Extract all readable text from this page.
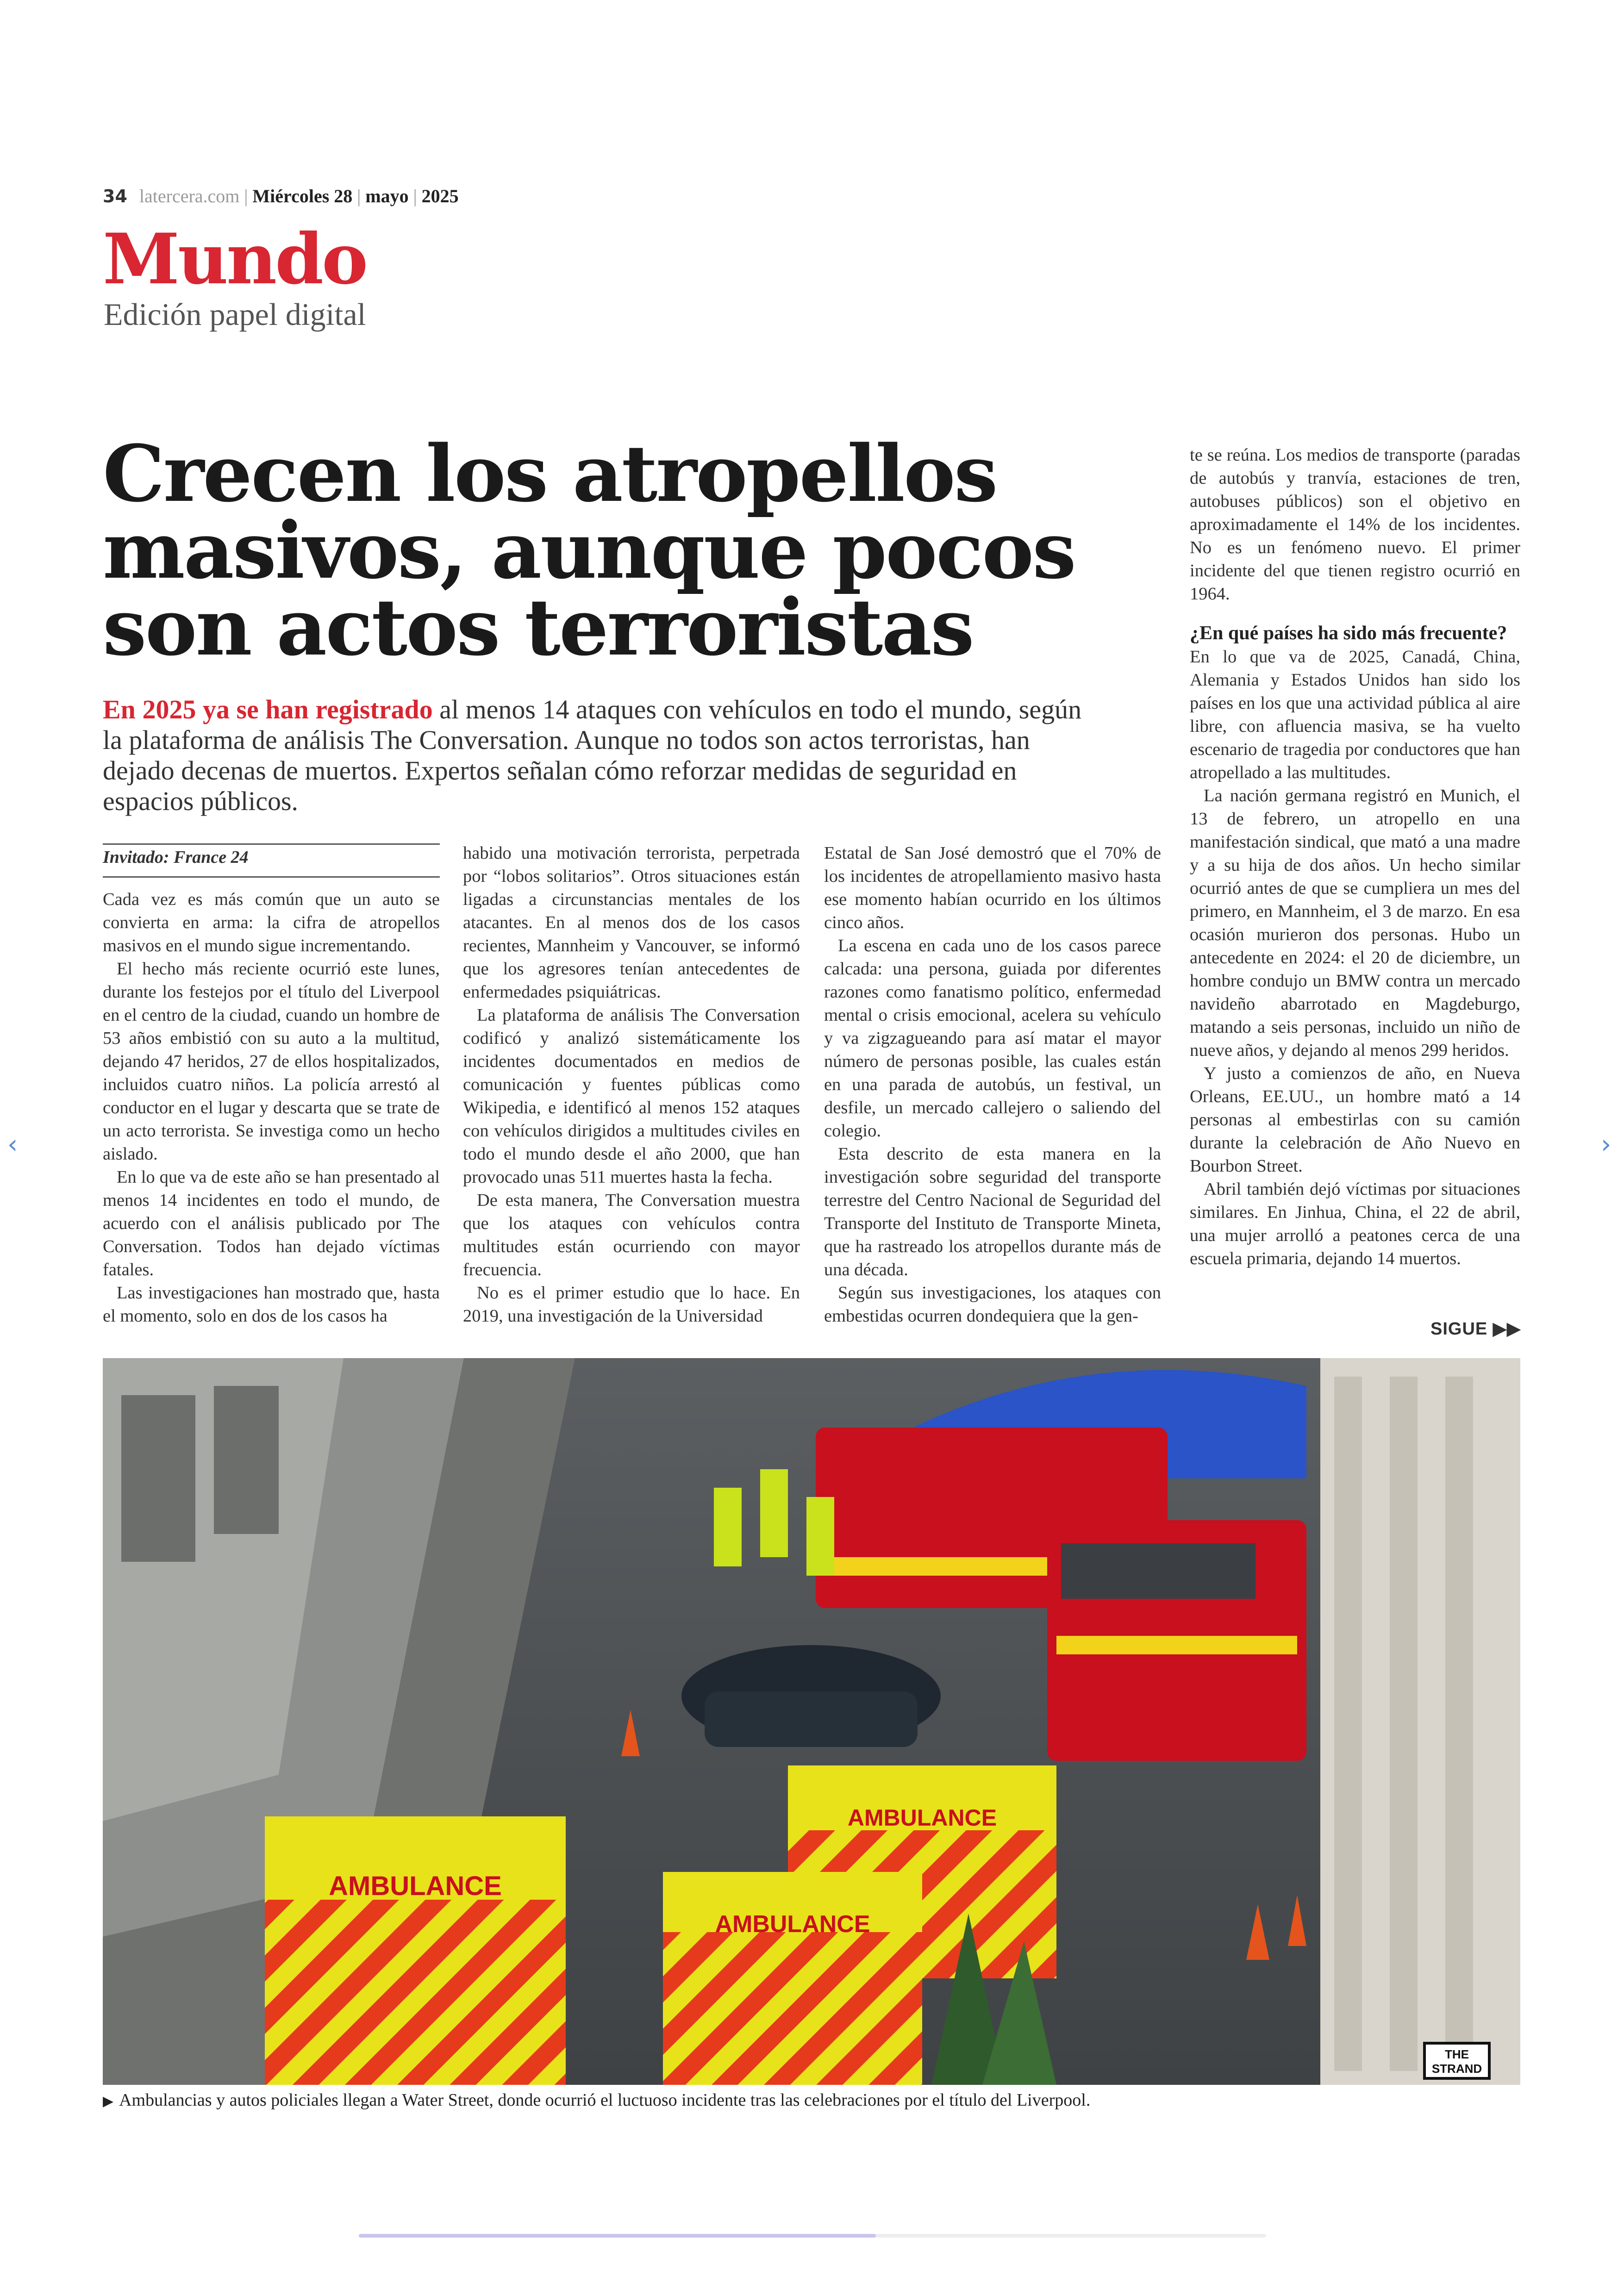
34 latercera.com | Miércoles 28 | mayo | 2025
Mundo
Edición papel digital
Crecen los atropellos
masivos, aunque pocos
son actos terroristas
En 2025 ya se han registrado al menos 14 ataques con vehículos en todo el mundo, según la plataforma de análisis The Conversation. Aunque no todos son actos terroristas, han dejado decenas de muertos. Expertos señalan cómo reforzar medidas de seguridad en espacios públicos.
Invitado: France 24

Cada vez es más común que un auto se convierta en arma: la cifra de atropellos masivos en el mundo sigue incrementando.

El hecho más reciente ocurrió este lunes, durante los festejos por el título del Liverpool en el centro de la ciudad, cuando un hombre de 53 años embistió con su auto a la multitud, dejando 47 heridos, 27 de ellos hospitalizados, incluidos cuatro niños. La policía arrestó al conductor en el lugar y descarta que se trate de un acto terrorista. Se investiga como un hecho aislado.

En lo que va de este año se han presentado al menos 14 incidentes en todo el mundo, de acuerdo con el análisis publicado por The Conversation. Todos han dejado víctimas fatales.

Las investigaciones han mostrado que, hasta el momento, solo en dos de los casos ha

habido una motivación terrorista, perpetrada por “lobos solitarios”. Otros situaciones están ligadas a circunstancias mentales de los atacantes. En al menos dos de los casos recientes, Mannheim y Vancouver, se informó que los agresores tenían antecedentes de enfermedades psiquiátricas.

La plataforma de análisis The Conversation codificó y analizó sistemáticamente los incidentes documentados en medios de comunicación y fuentes públicas como Wikipedia, e identificó al menos 152 ataques con vehículos dirigidos a multitudes civiles en todo el mundo desde el año 2000, que han provocado unas 511 muertes hasta la fecha.

De esta manera, The Conversation muestra que los ataques con vehículos contra multitudes están ocurriendo con mayor frecuencia.

No es el primer estudio que lo hace. En 2019, una investigación de la Universidad

Estatal de San José demostró que el 70% de los incidentes de atropellamiento masivo hasta ese momento habían ocurrido en los últimos cinco años.

La escena en cada uno de los casos parece calcada: una persona, guiada por diferentes razones como fanatismo político, enfermedad mental o crisis emocional, acelera su vehículo y va zigzagueando para así matar el mayor número de personas posible, las cuales están en una parada de autobús, un festival, un desfile, un mercado callejero o saliendo del colegio.

Esta descrito de esta manera en la investigación sobre seguridad del transporte terrestre del Centro Nacional de Seguridad del Transporte del Instituto de Transporte Mineta, que ha rastreado los atropellos durante más de una década.

Según sus investigaciones, los ataques con embestidas ocurren dondequiera que la gen-

te se reúna. Los medios de transporte (paradas de autobús y tranvía, estaciones de tren, autobuses públicos) son el objetivo en aproximadamente el 14% de los incidentes. No es un fenómeno nuevo. El primer incidente del que tienen registro ocurrió en 1964.

¿En qué países ha sido más frecuente?

En lo que va de 2025, Canadá, China, Alemania y Estados Unidos han sido los países en los que una actividad pública al aire libre, con afluencia masiva, se ha vuelto escenario de tragedia por conductores que han atropellado a las multitudes.

La nación germana registró en Munich, el 13 de febrero, un atropello en una manifestación sindical, que mató a una madre y a su hija de dos años. Un hecho similar ocurrió antes de que se cumpliera un mes del primero, en Mannheim, el 3 de marzo. En esa ocasión murieron dos personas. Hubo un antecedente en 2024: el 20 de diciembre, un hombre condujo un BMW contra un mercado navideño abarrotado en Magdeburgo, matando a seis personas, incluido un niño de nueve años, y dejando al menos 299 heridos.

Y justo a comienzos de año, en Nueva Orleans, EE.UU., un hombre mató a 14 personas al embestirlas con su camión durante la celebración de Año Nuevo en Bourbon Street.

Abril también dejó víctimas por situaciones similares. En Jinhua, China, el 22 de abril, una mujer arrolló a peatones cerca de una escuela primaria, dejando 14 muertos.

SIGUE ▶▶
AMBULANCE
AMBULANCE
AMBULANCE
THE
STRAND
▶ Ambulancias y autos policiales llegan a Water Street, donde ocurrió el luctuoso incidente tras las celebraciones por el título del Liverpool.
‹	›
